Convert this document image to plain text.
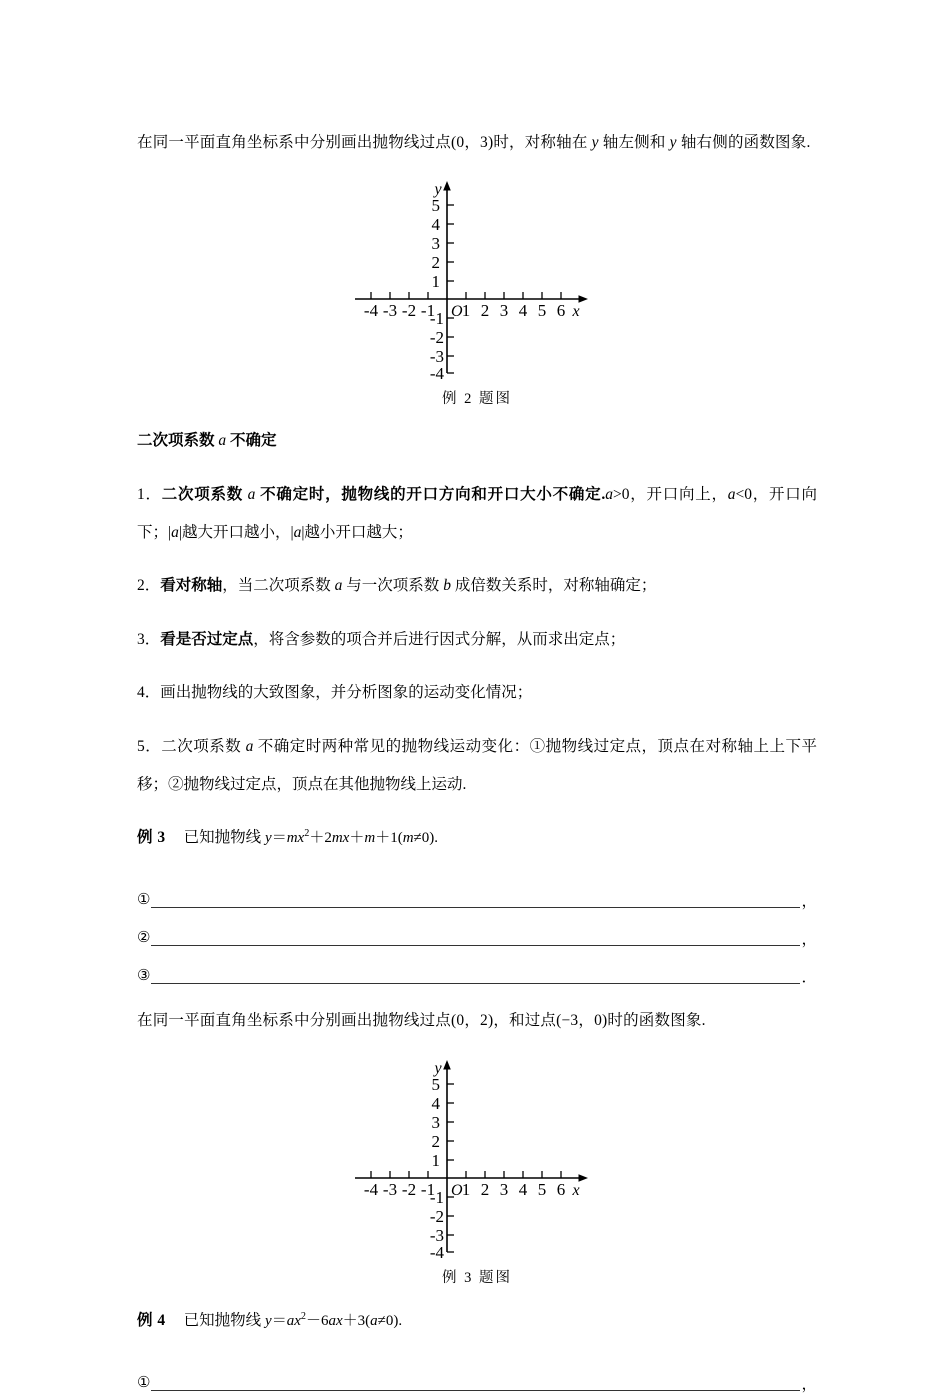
在同一平面直角坐标系中分别画出抛物线过点(0，3)时，对称轴在 y 轴左侧和 y 轴右侧的函数图象.

-4 -3 -2 -1 1 2 3 4 5 6
1
2
3
4
5
-1
-2
-3
-4
O	x
y
例 2 题图
二次项系数 a 不确定

1．二次项系数 a 不确定时，抛物线的开口方向和开口大小不确定.a>0，开口向上，a<0，开口向下；|a|越大开口越小，|a|越小开口越大；

2．看对称轴，当二次项系数 a 与一次项系数 b 成倍数关系时，对称轴确定；

3．看是否过定点，将含参数的项合并后进行因式分解，从而求出定点；

4．画出抛物线的大致图象，并分析图象的运动变化情况；

5．二次项系数 a 不确定时两种常见的抛物线运动变化：①抛物线过定点，顶点在对称轴上上下平移；②抛物线过定点，顶点在其他抛物线上运动.

例 3 已知抛物线 $y=mx^2+2mx+m+1(m\ne 0)$.

①	，
②	，
③	．

在同一平面直角坐标系中分别画出抛物线过点(0，2)，和过点(−3，0)时的函数图象.

-4 -3 -2 -1 1 2 3 4 5 6
1
2
3
4
5
-1
-2
-3
-4
O	x
y
例 3 题图

例 4 已知抛物线 $y=ax^2-6ax+3(a\ne 0)$.

①	，
